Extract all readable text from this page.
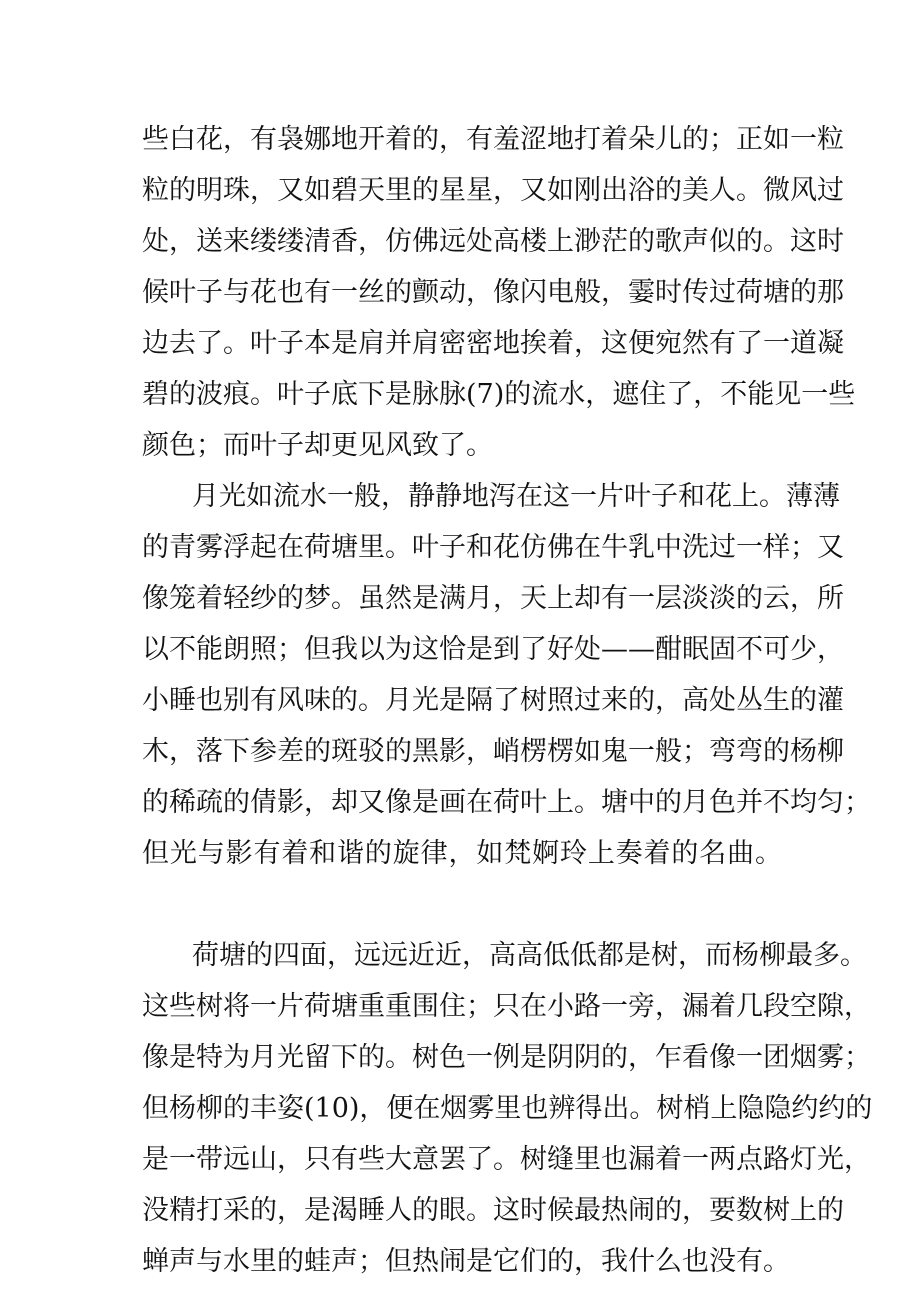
些白花，有袅娜地开着的，有羞涩地打着朵儿的；正如一粒
粒的明珠，又如碧天里的星星，又如刚出浴的美人。微风过
处，送来缕缕清香，仿佛远处高楼上渺茫的歌声似的。这时
候叶子与花也有一丝的颤动，像闪电般，霎时传过荷塘的那
边去了。叶子本是肩并肩密密地挨着，这便宛然有了一道凝
碧的波痕。叶子底下是脉脉(7)的流水，遮住了，不能见一些
颜色；而叶子却更见风致了。
月光如流水一般，静静地泻在这一片叶子和花上。薄薄
的青雾浮起在荷塘里。叶子和花仿佛在牛乳中洗过一样；又
像笼着轻纱的梦。虽然是满月，天上却有一层淡淡的云，所
以不能朗照；但我以为这恰是到了好处——酣眠固不可少，
小睡也别有风味的。月光是隔了树照过来的，高处丛生的灌
木，落下参差的斑驳的黑影，峭楞楞如鬼一般；弯弯的杨柳
的稀疏的倩影，却又像是画在荷叶上。塘中的月色并不均匀；
但光与影有着和谐的旋律，如梵婀玲上奏着的名曲。
荷塘的四面，远远近近，高高低低都是树，而杨柳最多。
这些树将一片荷塘重重围住；只在小路一旁，漏着几段空隙，
像是特为月光留下的。树色一例是阴阴的，乍看像一团烟雾；
但杨柳的丰姿(10)，便在烟雾里也辨得出。树梢上隐隐约约的
是一带远山，只有些大意罢了。树缝里也漏着一两点路灯光，
没精打采的，是渴睡人的眼。这时候最热闹的，要数树上的
蝉声与水里的蛙声；但热闹是它们的，我什么也没有。
